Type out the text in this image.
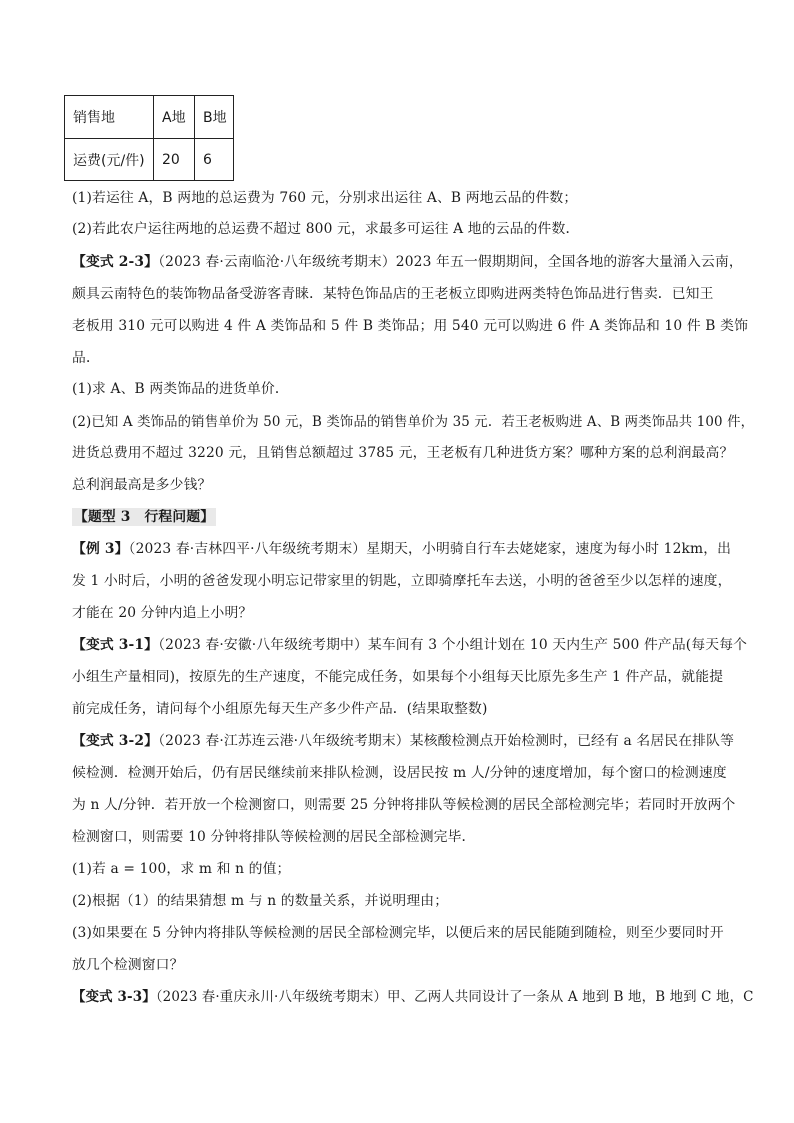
销售地	A地	B地
运费(元/件)	20	6
(1)若运往 A，B 两地的总运费为 760 元，分别求出运往 A、B 两地云品的件数；
(2)若此农户运往两地的总运费不超过 800 元，求最多可运往 A 地的云品的件数．
【变式 2-3】（2023 春·云南临沧·八年级统考期末）2023 年五一假期期间，全国各地的游客大量涌入云南，
颇具云南特色的装饰物品备受游客青睐．某特色饰品店的王老板立即购进两类特色饰品进行售卖．已知王
老板用 310 元可以购进 4 件 A 类饰品和 5 件 B 类饰品；用 540 元可以购进 6 件 A 类饰品和 10 件 B 类饰
品．
(1)求 A、B 两类饰品的进货单价．
(2)已知 A 类饰品的销售单价为 50 元，B 类饰品的销售单价为 35 元．若王老板购进 A、B 两类饰品共 100 件，
进货总费用不超过 3220 元，且销售总额超过 3785 元，王老板有几种进货方案？哪种方案的总利润最高？
总利润最高是多少钱？
【题型 3　行程问题】
【例 3】（2023 春·吉林四平·八年级统考期末）星期天，小明骑自行车去姥姥家，速度为每小时 12km，出
发 1 小时后，小明的爸爸发现小明忘记带家里的钥匙，立即骑摩托车去送，小明的爸爸至少以怎样的速度，
才能在 20 分钟内追上小明？
【变式 3-1】（2023 春·安徽·八年级统考期中）某车间有 3 个小组计划在 10 天内生产 500 件产品(每天每个
小组生产量相同)，按原先的生产速度，不能完成任务，如果每个小组每天比原先多生产 1 件产品，就能提
前完成任务，请问每个小组原先每天生产多少件产品．(结果取整数)
【变式 3-2】（2023 春·江苏连云港·八年级统考期末）某核酸检测点开始检测时，已经有 a 名居民在排队等
候检测．检测开始后，仍有居民继续前来排队检测，设居民按 m 人/分钟的速度增加，每个窗口的检测速度
为 n 人/分钟．若开放一个检测窗口，则需要 25 分钟将排队等候检测的居民全部检测完毕；若同时开放两个
检测窗口，则需要 10 分钟将排队等候检测的居民全部检测完毕．
(1)若 a = 100，求 m 和 n 的值；
(2)根据（1）的结果猜想 m 与 n 的数量关系，并说明理由；
(3)如果要在 5 分钟内将排队等候检测的居民全部检测完毕，以便后来的居民能随到随检，则至少要同时开
放几个检测窗口？
【变式 3-3】（2023 春·重庆永川·八年级统考期末）甲、乙两人共同设计了一条从 A 地到 B 地，B 地到 C 地，C
